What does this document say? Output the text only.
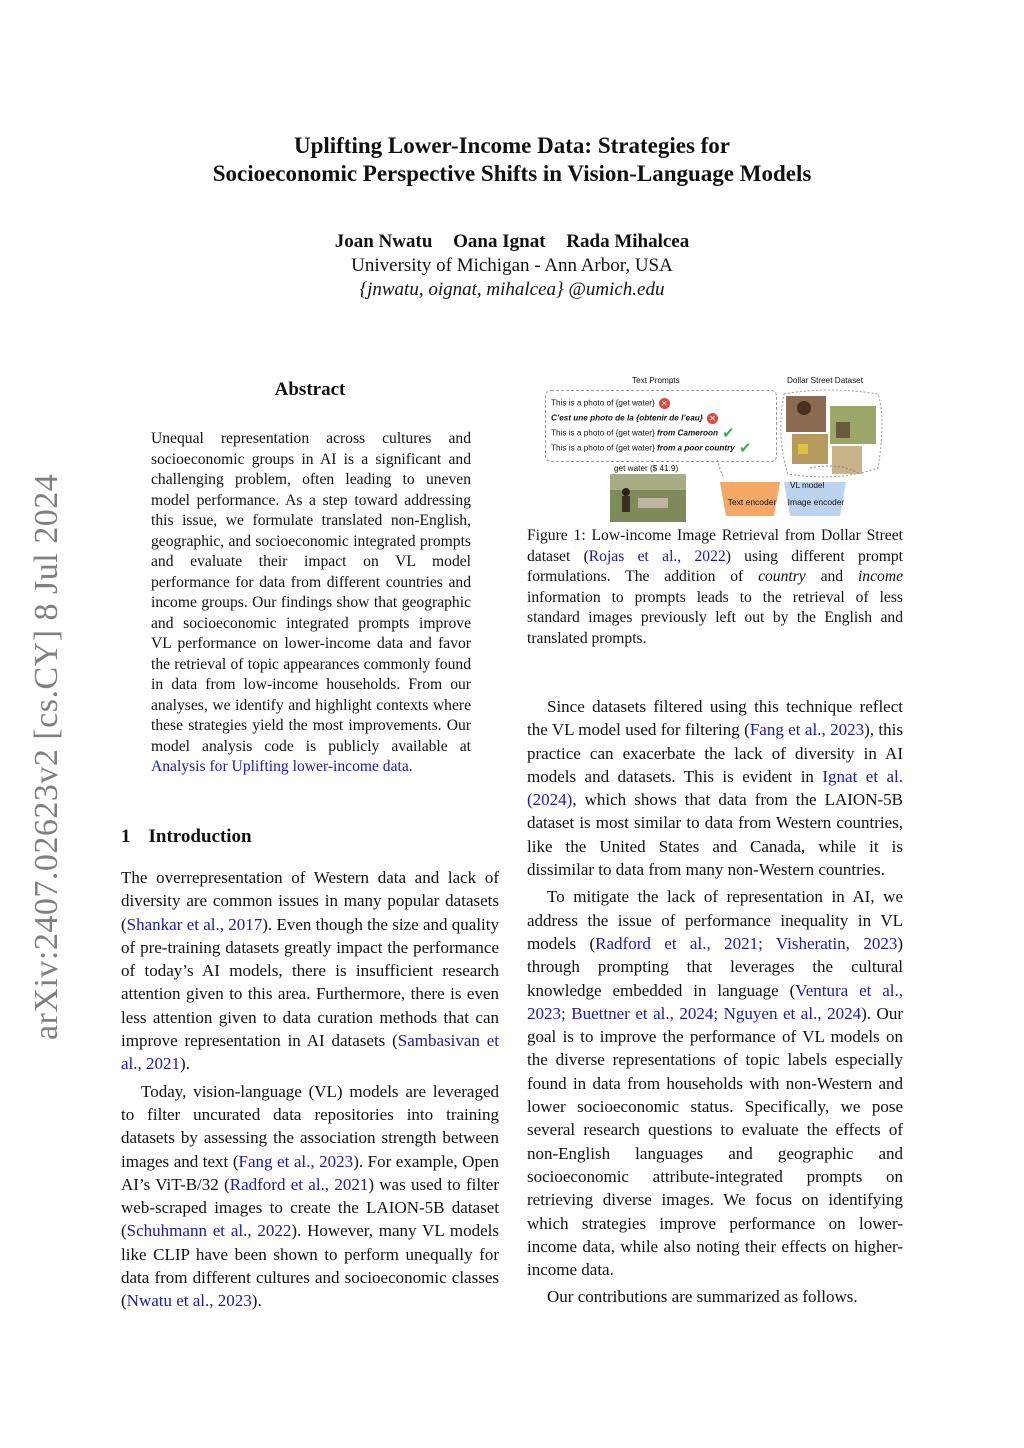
Uplifting Lower-Income Data: Strategies for
Socioeconomic Perspective Shifts in Vision-Language Models
Joan Nwatu Oana Ignat Rada Mihalcea
University of Michigan - Ann Arbor, USA
{jnwatu, oignat, mihalcea} @umich.edu
arXiv:2407.02623v2 [cs.CY] 8 Jul 2024
Abstract
Unequal representation across cultures and socioeconomic groups in AI is a significant and challenging problem, often leading to uneven model performance. As a step toward addressing this issue, we formulate translated non-English, geographic, and socioeconomic integrated prompts and evaluate their impact on VL model performance for data from different countries and income groups. Our findings show that geographic and socioeconomic integrated prompts improve VL performance on lower-income data and favor the retrieval of topic appearances commonly found in data from low-income households. From our analyses, we identify and highlight contexts where these strategies yield the most improvements. Our model analysis code is publicly available at Analysis for Uplifting lower-income data.
1 Introduction

The overrepresentation of Western data and lack of diversity are common issues in many popular datasets (Shankar et al., 2017). Even though the size and quality of pre-training datasets greatly impact the performance of today’s AI models, there is insufficient research attention given to this area. Furthermore, there is even less attention given to data curation methods that can improve representation in AI datasets (Sambasivan et al., 2021).

Today, vision-language (VL) models are leveraged to filter uncurated data repositories into training datasets by assessing the association strength between images and text (Fang et al., 2023). For example, Open AI’s ViT-B/32 (Radford et al., 2021) was used to filter web-scraped images to create the LAION-5B dataset (Schuhmann et al., 2022). However, many VL models like CLIP have been shown to perform unequally for data from different cultures and socioeconomic classes (Nwatu et al., 2023).

Text Prompts	Dollar Street Dataset
This is a photo of {get water} ✕
C’est une photo de la {obtenir de l’eau} ✕
This is a photo of {get water} from Cameroon ✔
This is a photo of {get water} from a poor country ✔
get water ($ 41.9)
VL model
Text encoder	Image encoder
Figure 1: Low-income Image Retrieval from Dollar Street dataset (Rojas et al., 2022) using different prompt formulations. The addition of country and income information to prompts leads to the retrieval of less standard images previously left out by the English and translated prompts.

Since datasets filtered using this technique reflect the VL model used for filtering (Fang et al., 2023), this practice can exacerbate the lack of diversity in AI models and datasets. This is evident in Ignat et al. (2024), which shows that data from the LAION-5B dataset is most similar to data from Western countries, like the United States and Canada, while it is dissimilar to data from many non-Western countries.

To mitigate the lack of representation in AI, we address the issue of performance inequality in VL models (Radford et al., 2021; Visheratin, 2023) through prompting that leverages the cultural knowledge embedded in language (Ventura et al., 2023; Buettner et al., 2024; Nguyen et al., 2024). Our goal is to improve the performance of VL models on the diverse representations of topic labels especially found in data from households with non-Western and lower socioeconomic status. Specifically, we pose several research questions to evaluate the effects of non-English languages and geographic and socioeconomic attribute-integrated prompts on retrieving diverse images. We focus on identifying which strategies improve performance on lower-income data, while also noting their effects on higher-income data.

Our contributions are summarized as follows.
